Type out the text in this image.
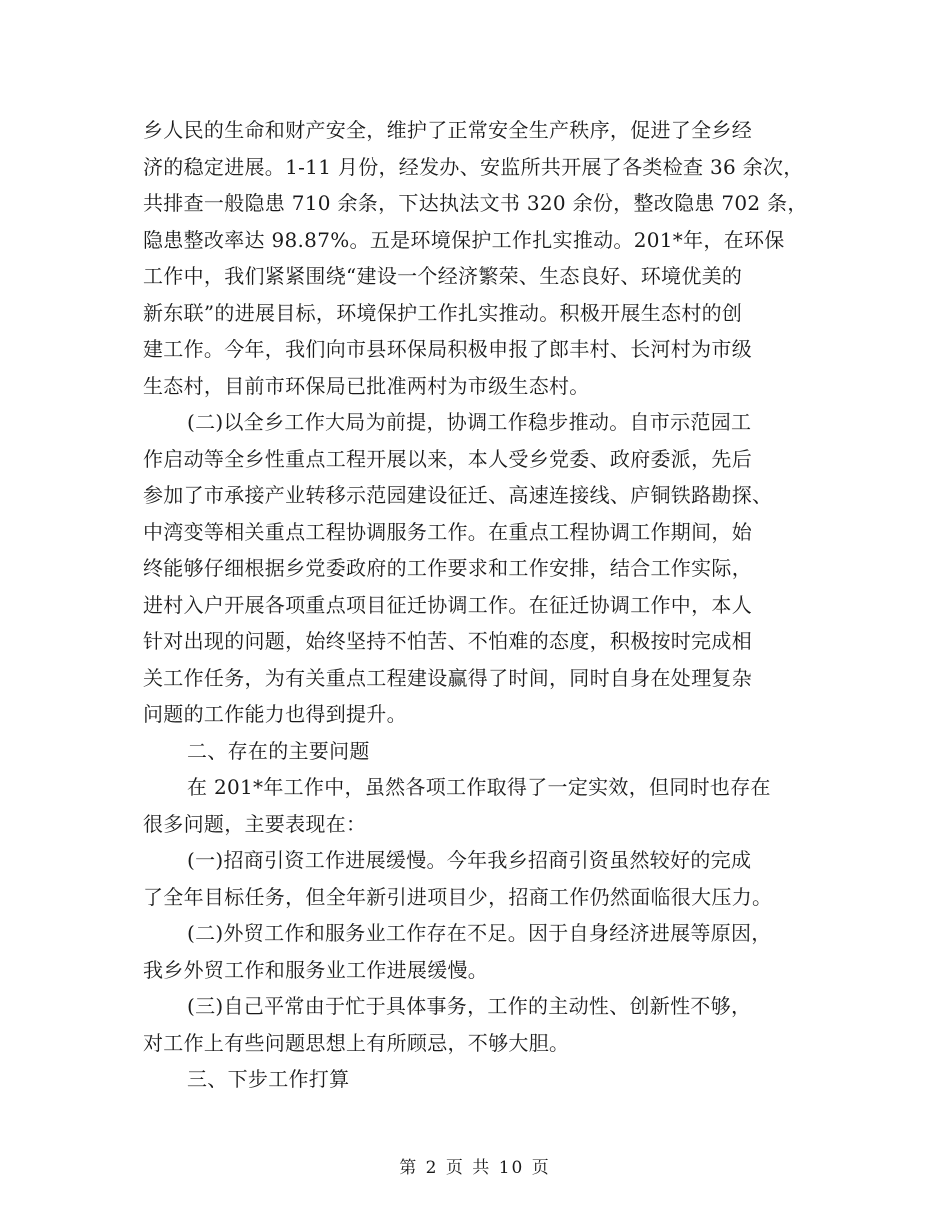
乡人民的生命和财产安全，维护了正常安全生产秩序，促进了全乡经
济的稳定进展。1-11 月份，经发办、安监所共开展了各类检查 36 余次，
共排查一般隐患 710 余条，下达执法文书 320 余份，整改隐患 702 条，
隐患整改率达 98.87%。五是环境保护工作扎实推动。201*年，在环保
工作中，我们紧紧围绕“建设一个经济繁荣、生态良好、环境优美的
新东联”的进展目标，环境保护工作扎实推动。积极开展生态村的创
建工作。今年，我们向市县环保局积极申报了郎丰村、长河村为市级
生态村，目前市环保局已批准两村为市级生态村。
(二)以全乡工作大局为前提，协调工作稳步推动。自市示范园工
作启动等全乡性重点工程开展以来，本人受乡党委、政府委派，先后
参加了市承接产业转移示范园建设征迁、高速连接线、庐铜铁路勘探、
中湾变等相关重点工程协调服务工作。在重点工程协调工作期间，始
终能够仔细根据乡党委政府的工作要求和工作安排，结合工作实际，
进村入户开展各项重点项目征迁协调工作。在征迁协调工作中，本人
针对出现的问题，始终坚持不怕苦、不怕难的态度，积极按时完成相
关工作任务，为有关重点工程建设赢得了时间，同时自身在处理复杂
问题的工作能力也得到提升。
二、存在的主要问题
在 201*年工作中，虽然各项工作取得了一定实效，但同时也存在
很多问题，主要表现在：
(一)招商引资工作进展缓慢。今年我乡招商引资虽然较好的完成
了全年目标任务，但全年新引进项目少，招商工作仍然面临很大压力。
(二)外贸工作和服务业工作存在不足。因于自身经济进展等原因，
我乡外贸工作和服务业工作进展缓慢。
(三)自己平常由于忙于具体事务，工作的主动性、创新性不够，
对工作上有些问题思想上有所顾忌，不够大胆。
三、下步工作打算
第 2 页 共 10 页
